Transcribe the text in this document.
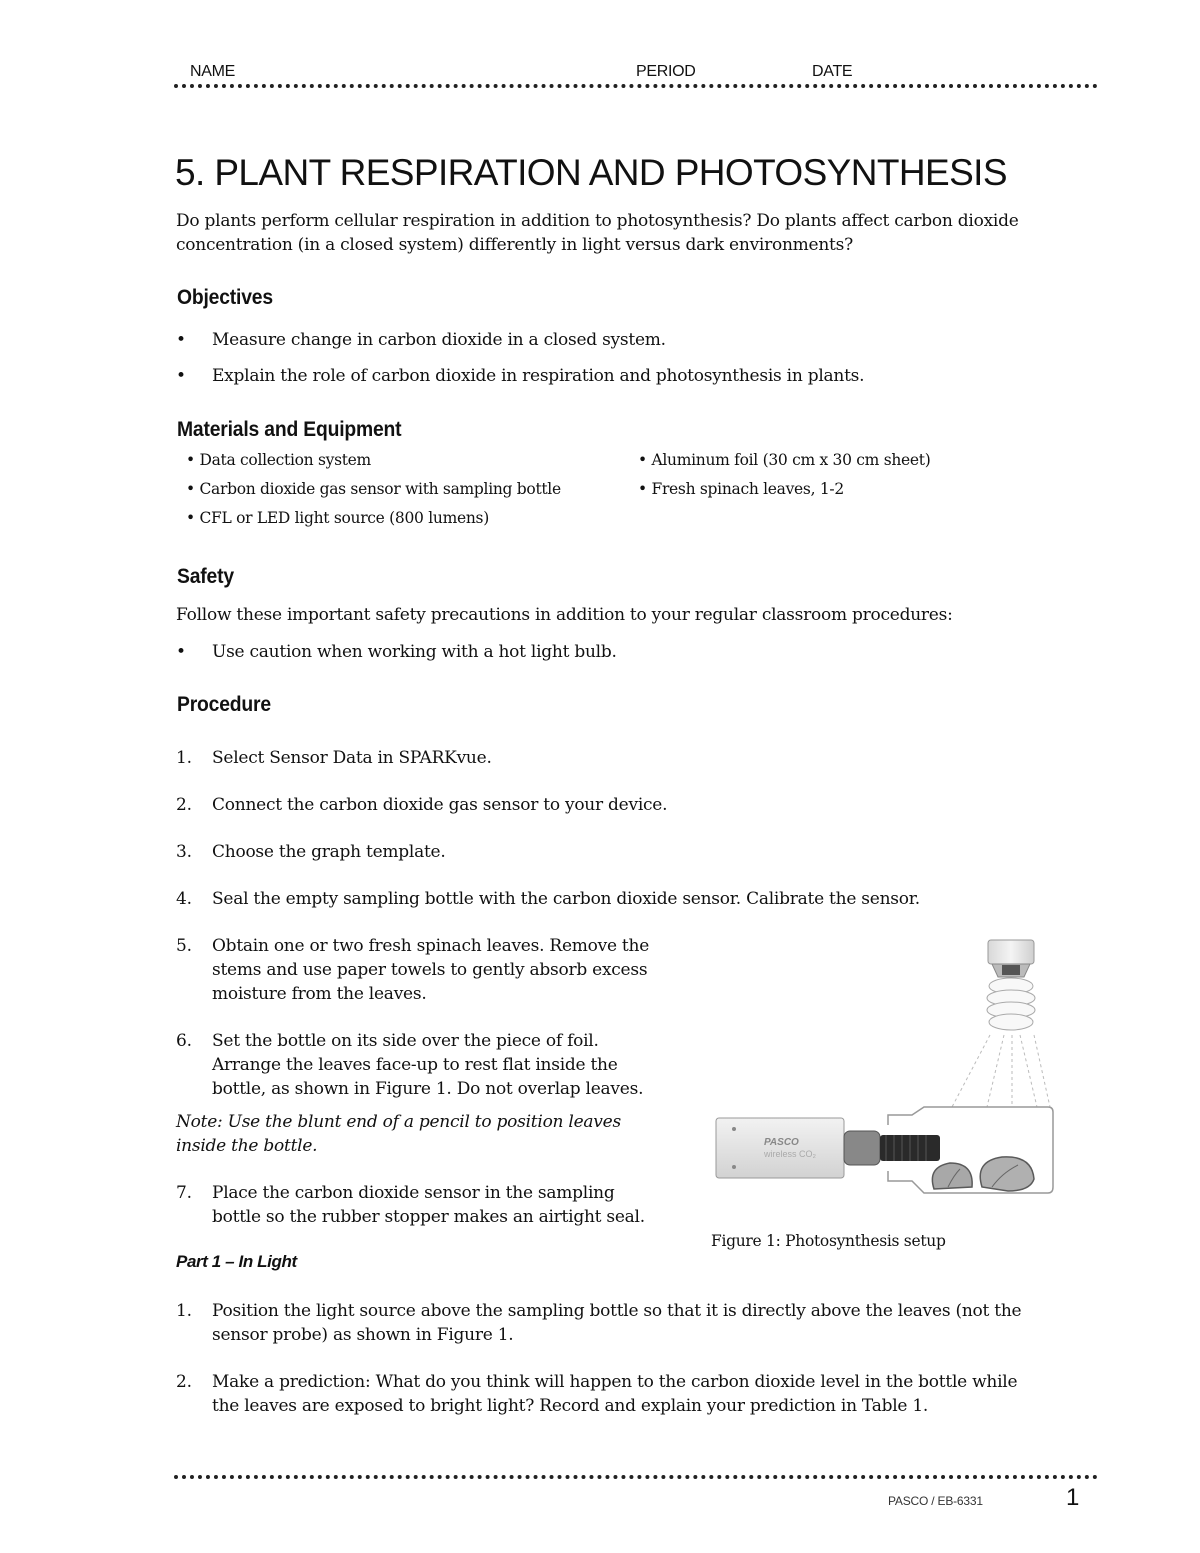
NAME	PERIOD	DATE
5. PLANT RESPIRATION AND PHOTOSYNTHESIS
Do plants perform cellular respiration in addition to photosynthesis? Do plants affect carbon dioxide
concentration (in a closed system) differently in light versus dark environments?
Objectives
• Measure change in carbon dioxide in a closed system.
• Explain the role of carbon dioxide in respiration and photosynthesis in plants.
Materials and Equipment
• Data collection system
• Carbon dioxide gas sensor with sampling bottle
• CFL or LED light source (800 lumens)
• Aluminum foil (30 cm x 30 cm sheet)
• Fresh spinach leaves, 1-2
Safety
Follow these important safety precautions in addition to your regular classroom procedures:
• Use caution when working with a hot light bulb.
Procedure
1. Select Sensor Data in SPARKvue.
2. Connect the carbon dioxide gas sensor to your device.
3. Choose the graph template.
4. Seal the empty sampling bottle with the carbon dioxide sensor. Calibrate the sensor.
5. Obtain one or two fresh spinach leaves. Remove the
stems and use paper towels to gently absorb excess
moisture from the leaves.
6. Set the bottle on its side over the piece of foil.
Arrange the leaves face-up to rest flat inside the
bottle, as shown in Figure 1. Do not overlap leaves.
Note: Use the blunt end of a pencil to position leaves
inside the bottle.
7. Place the carbon dioxide sensor in the sampling
bottle so the rubber stopper makes an airtight seal.
PASCO
wireless CO₂
Figure 1: Photosynthesis setup
Part 1 – In Light
1. Position the light source above the sampling bottle so that it is directly above the leaves (not the
sensor probe) as shown in Figure 1.
2. Make a prediction: What do you think will happen to the carbon dioxide level in the bottle while
the leaves are exposed to bright light? Record and explain your prediction in Table 1.
PASCO / EB-6331	1
